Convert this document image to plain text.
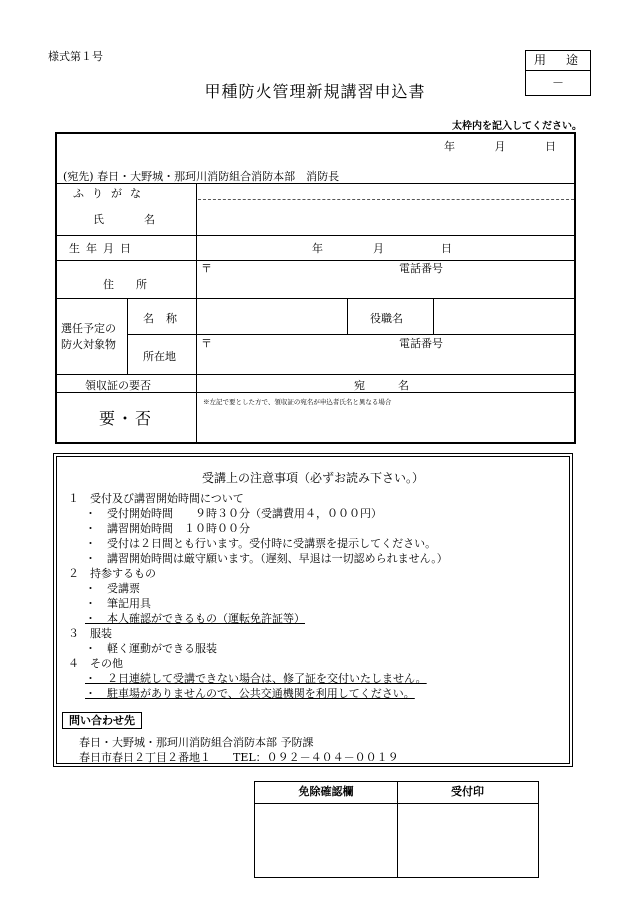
様式第１号	用　途
－
甲種防火管理新規講習申込書
太枠内を記入してください。
年	月	日
(宛先) 春日・大野城・那珂川消防組合消防本部　消防長
ふりがな
氏名
生年月日	年	月	日
住所
〒	電話番号
選任予定の
防火対象物
名称	役職名
所在地
〒	電話番号
領収証の要否	宛　　　名
要・否
※左記で要とした方で、領収証の宛名が申込者氏名と異なる場合
受講上の注意事項（必ずお読み下さい。）
１　受付及び講習開始時間について
・　受付開始時間　　９時３０分（受講費用４，０００円）
・　講習開始時間　１０時００分
・　受付は２日間とも行います。受付時に受講票を提示してください。
・　講習開始時間は厳守願います。（遅刻、早退は一切認められません。）
２　持参するもの
・　受講票
・　筆記用具
・　本人確認ができるもの（運転免許証等）
３　服装
・　軽く運動ができる服装
４　その他
・　２日連続して受講できない場合は、修了証を交付いたしません。
・　駐車場がありませんので、公共交通機関を利用してください。
問い合わせ先
春日・大野城・那珂川消防組合消防本部 予防課
春日市春日２丁目２番地１　　TEL：０９２－４０４－００１９
免除確認欄	受付印
